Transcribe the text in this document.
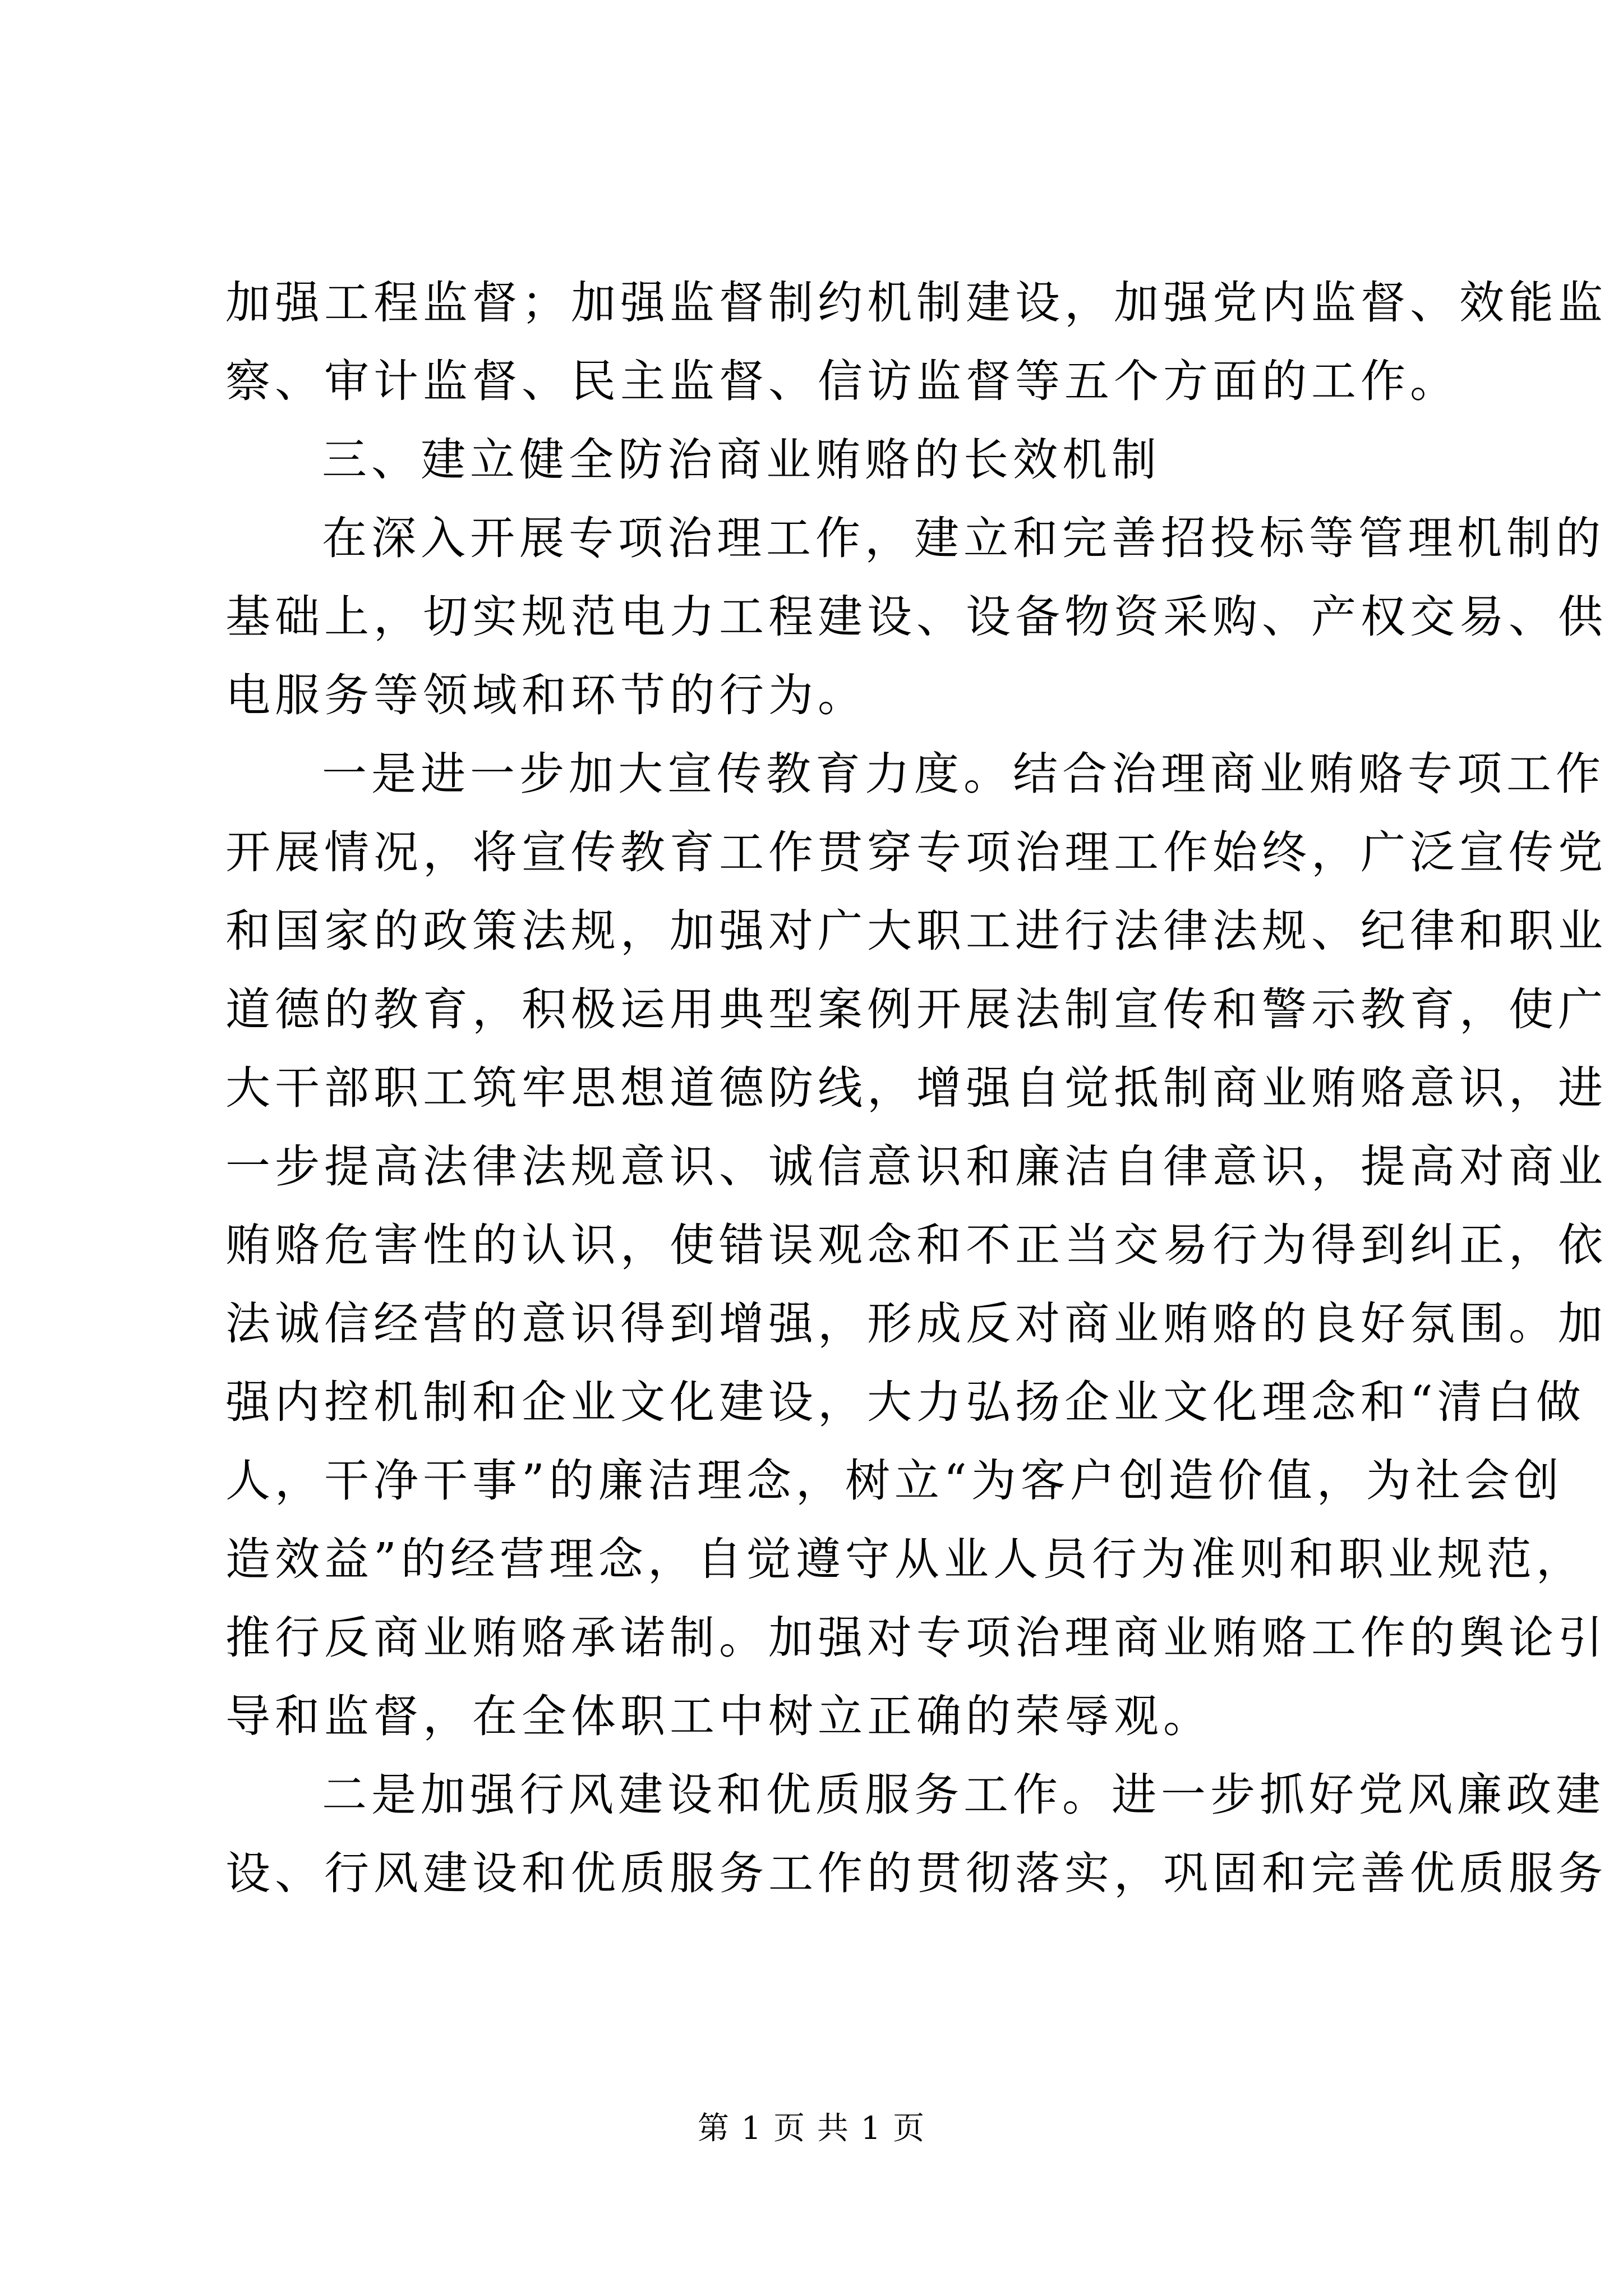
加强工程监督；加强监督制约机制建设，加强党内监督、效能监
察、审计监督、民主监督、信访监督等五个方面的工作。
三、建立健全防治商业贿赂的长效机制
在深入开展专项治理工作，建立和完善招投标等管理机制的
基础上，切实规范电力工程建设、设备物资采购、产权交易、供
电服务等领域和环节的行为。
一是进一步加大宣传教育力度。结合治理商业贿赂专项工作
开展情况，将宣传教育工作贯穿专项治理工作始终，广泛宣传党
和国家的政策法规，加强对广大职工进行法律法规、纪律和职业
道德的教育，积极运用典型案例开展法制宣传和警示教育，使广
大干部职工筑牢思想道德防线，增强自觉抵制商业贿赂意识，进
一步提高法律法规意识、诚信意识和廉洁自律意识，提高对商业
贿赂危害性的认识，使错误观念和不正当交易行为得到纠正，依
法诚信经营的意识得到增强，形成反对商业贿赂的良好氛围。加
强内控机制和企业文化建设，大力弘扬企业文化理念和“清白做
人，干净干事”的廉洁理念，树立“为客户创造价值，为社会创
造效益”的经营理念，自觉遵守从业人员行为准则和职业规范，
推行反商业贿赂承诺制。加强对专项治理商业贿赂工作的舆论引
导和监督，在全体职工中树立正确的荣辱观。
二是加强行风建设和优质服务工作。进一步抓好党风廉政建
设、行风建设和优质服务工作的贯彻落实，巩固和完善优质服务
第 1 页 共 1 页
